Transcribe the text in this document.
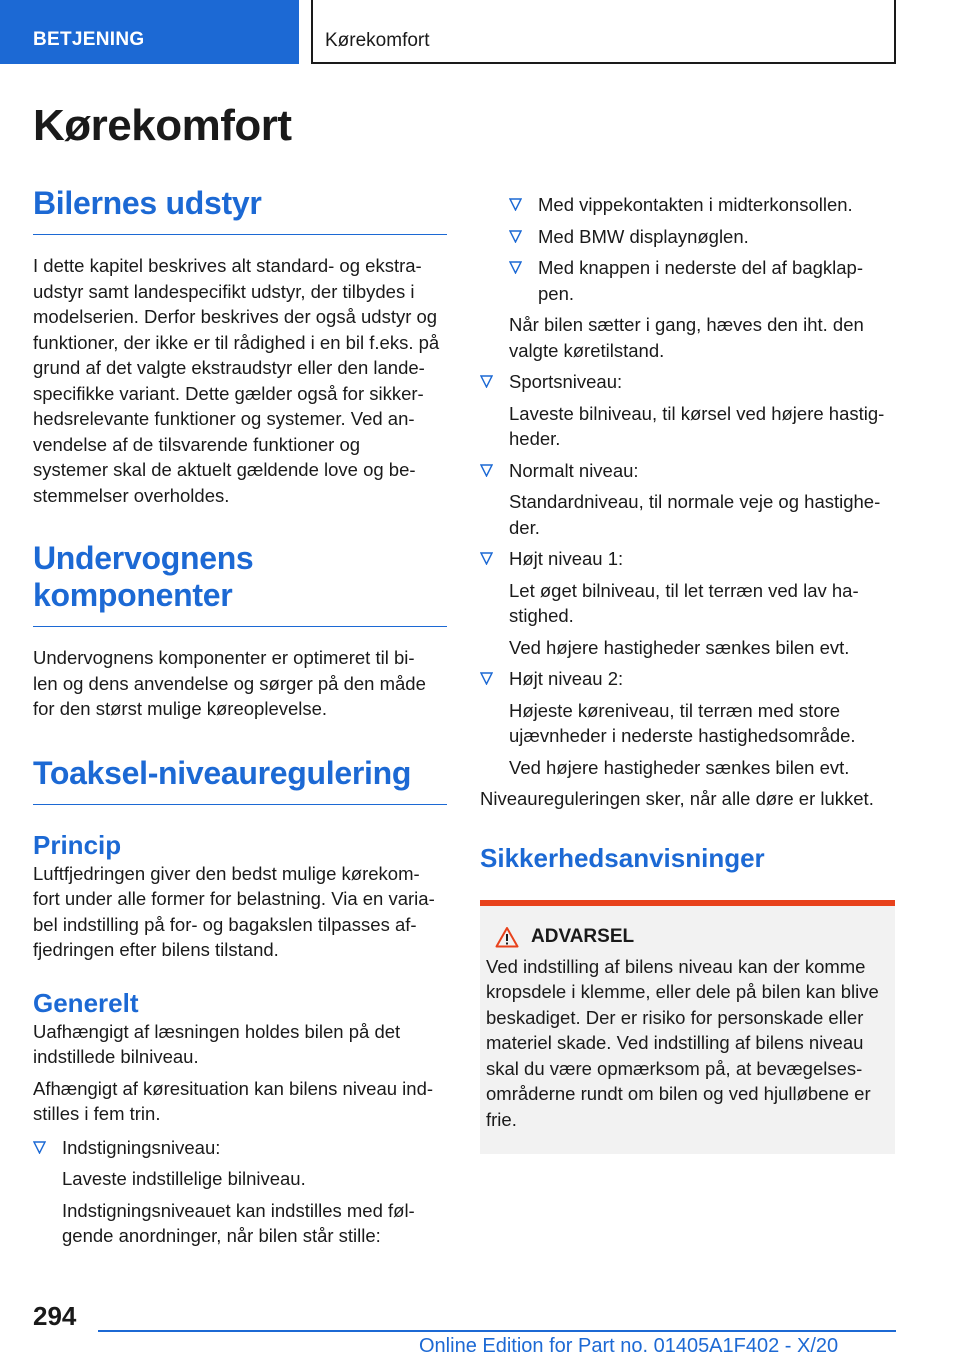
BETJENING	Kørekomfort
Kørekomfort
Bilernes udstyr
I dette kapitel beskrives alt standard- og ekstra-
udstyr samt landespecifikt udstyr, der tilbydes i
modelserien. Derfor beskrives der også udstyr og
funktioner, der ikke er til rådighed i en bil f.eks. på
grund af det valgte ekstraudstyr eller den lande-
specifikke variant. Dette gælder også for sikker-
hedsrelevante funktioner og systemer. Ved an-
vendelse af de tilsvarende funktioner og
systemer skal de aktuelt gældende love og be-
stemmelser overholdes.
Undervognens
komponenter
Undervognens komponenter er optimeret til bi-
len og dens anvendelse og sørger på den måde
for den størst mulige køreoplevelse.
Toaksel-niveauregulering
Princip
Luftfjedringen giver den bedst mulige kørekom-
fort under alle former for belastning. Via en varia-
bel indstilling på for- og bagakslen tilpasses af-
fjedringen efter bilens tilstand.
Generelt
Uafhængigt af læsningen holdes bilen på det
indstillede bilniveau.
Afhængigt af køresituation kan bilens niveau ind-
stilles i fem trin.
Indstigningsniveau:
Laveste indstillelige bilniveau.
Indstigningsniveauet kan indstilles med føl-
gende anordninger, når bilen står stille:
Med vippekontakten i midterkonsollen.
Med BMW displaynøglen.
Med knappen i nederste del af bagklap-
pen.
Når bilen sætter i gang, hæves den iht. den
valgte køretilstand.
Sportsniveau:
Laveste bilniveau, til kørsel ved højere hastig-
heder.
Normalt niveau:
Standardniveau, til normale veje og hastighe-
der.
Højt niveau 1:
Let øget bilniveau, til let terræn ved lav ha-
stighed.
Ved højere hastigheder sænkes bilen evt.
Højt niveau 2:
Højeste køreniveau, til terræn med store
ujævnheder i nederste hastighedsområde.
Ved højere hastigheder sænkes bilen evt.
Niveaureguleringen sker, når alle døre er lukket.
Sikkerhedsanvisninger
ADVARSEL
Ved indstilling af bilens niveau kan der komme
kropsdele i klemme, eller dele på bilen kan blive
beskadiget. Der er risiko for personskade eller
materiel skade. Ved indstilling af bilens niveau
skal du være opmærksom på, at bevægelses-
områderne rundt om bilen og ved hjulløbene er
frie.
294
Online Edition for Part no. 01405A1F402 - X/20
